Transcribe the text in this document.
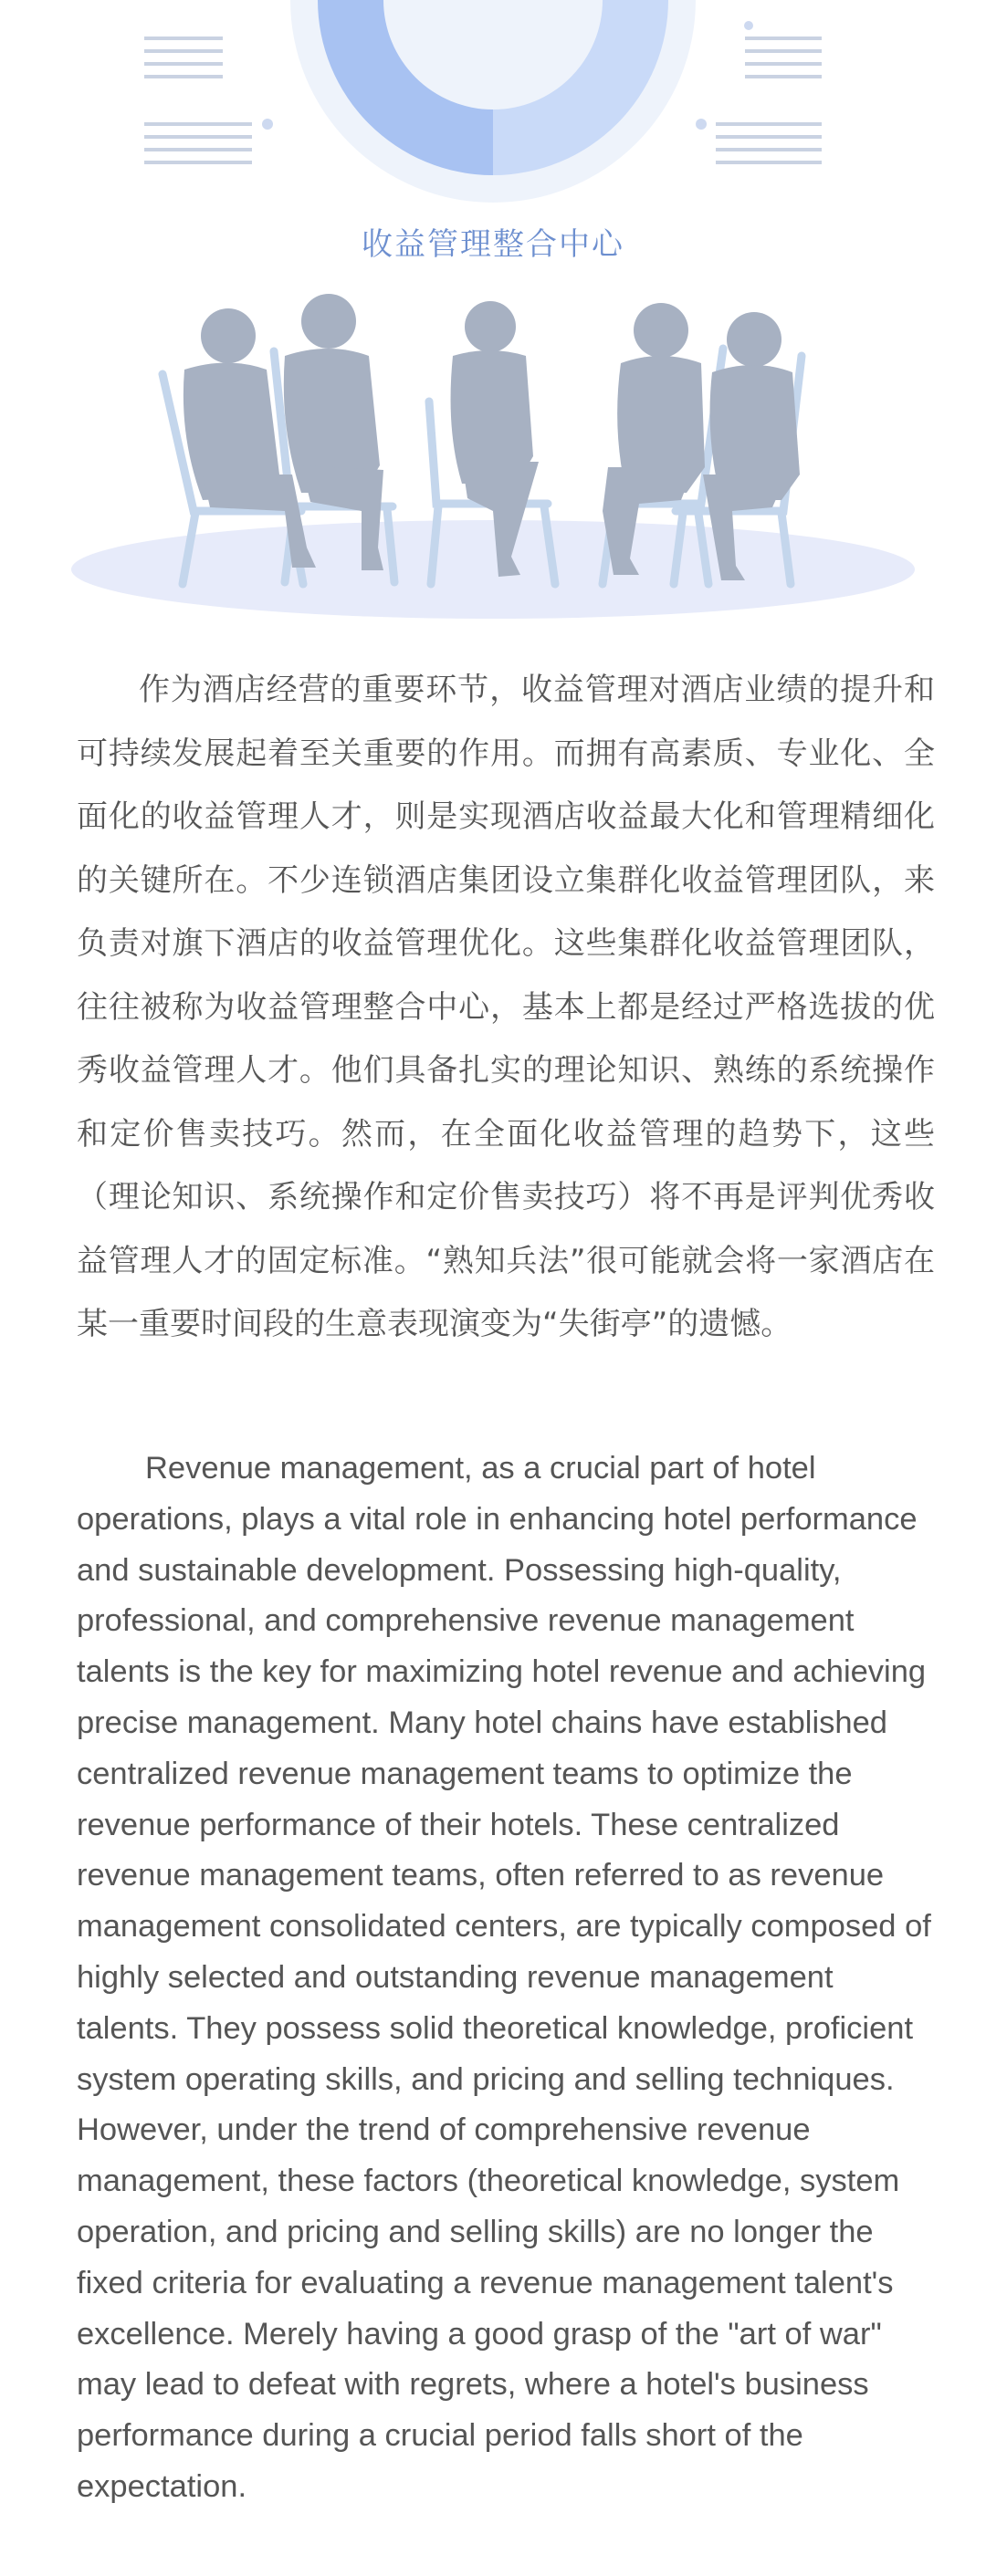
收益管理整合中心

作为酒店经营的重要环节，收益管理对酒店业绩的提升和可持续发展起着至关重要的作用。而拥有高素质、专业化、全面化的收益管理人才，则是实现酒店收益最大化和管理精细化的关键所在。不少连锁酒店集团设立集群化收益管理团队，来负责对旗下酒店的收益管理优化。这些集群化收益管理团队，往往被称为收益管理整合中心，基本上都是经过严格选拔的优秀收益管理人才。他们具备扎实的理论知识、熟练的系统操作和定价售卖技巧。然而，在全面化收益管理的趋势下，这些（理论知识、系统操作和定价售卖技巧）将不再是评判优秀收益管理人才的固定标准。“熟知兵法”很可能就会将一家酒店在某一重要时间段的生意表现演变为“失街亭”的遗憾。

Revenue management, as a crucial part of hotel operations, plays a vital role in enhancing hotel performance and sustainable development. Possessing high-quality, professional, and comprehensive revenue management talents is the key for maximizing hotel revenue and achieving precise management. Many hotel chains have established centralized revenue management teams to optimize the revenue performance of their hotels. These centralized revenue management teams, often referred to as revenue management consolidated centers, are typically composed of highly selected and outstanding revenue management talents. They possess solid theoretical knowledge, proficient system operating skills, and pricing and selling techniques. However, under the trend of comprehensive revenue management, these factors (theoretical knowledge, system operation, and pricing and selling skills) are no longer the fixed criteria for evaluating a revenue management talent's excellence. Merely having a good grasp of the "art of war" may lead to defeat with regrets, where a hotel's business performance during a crucial period falls short of the expectation.
